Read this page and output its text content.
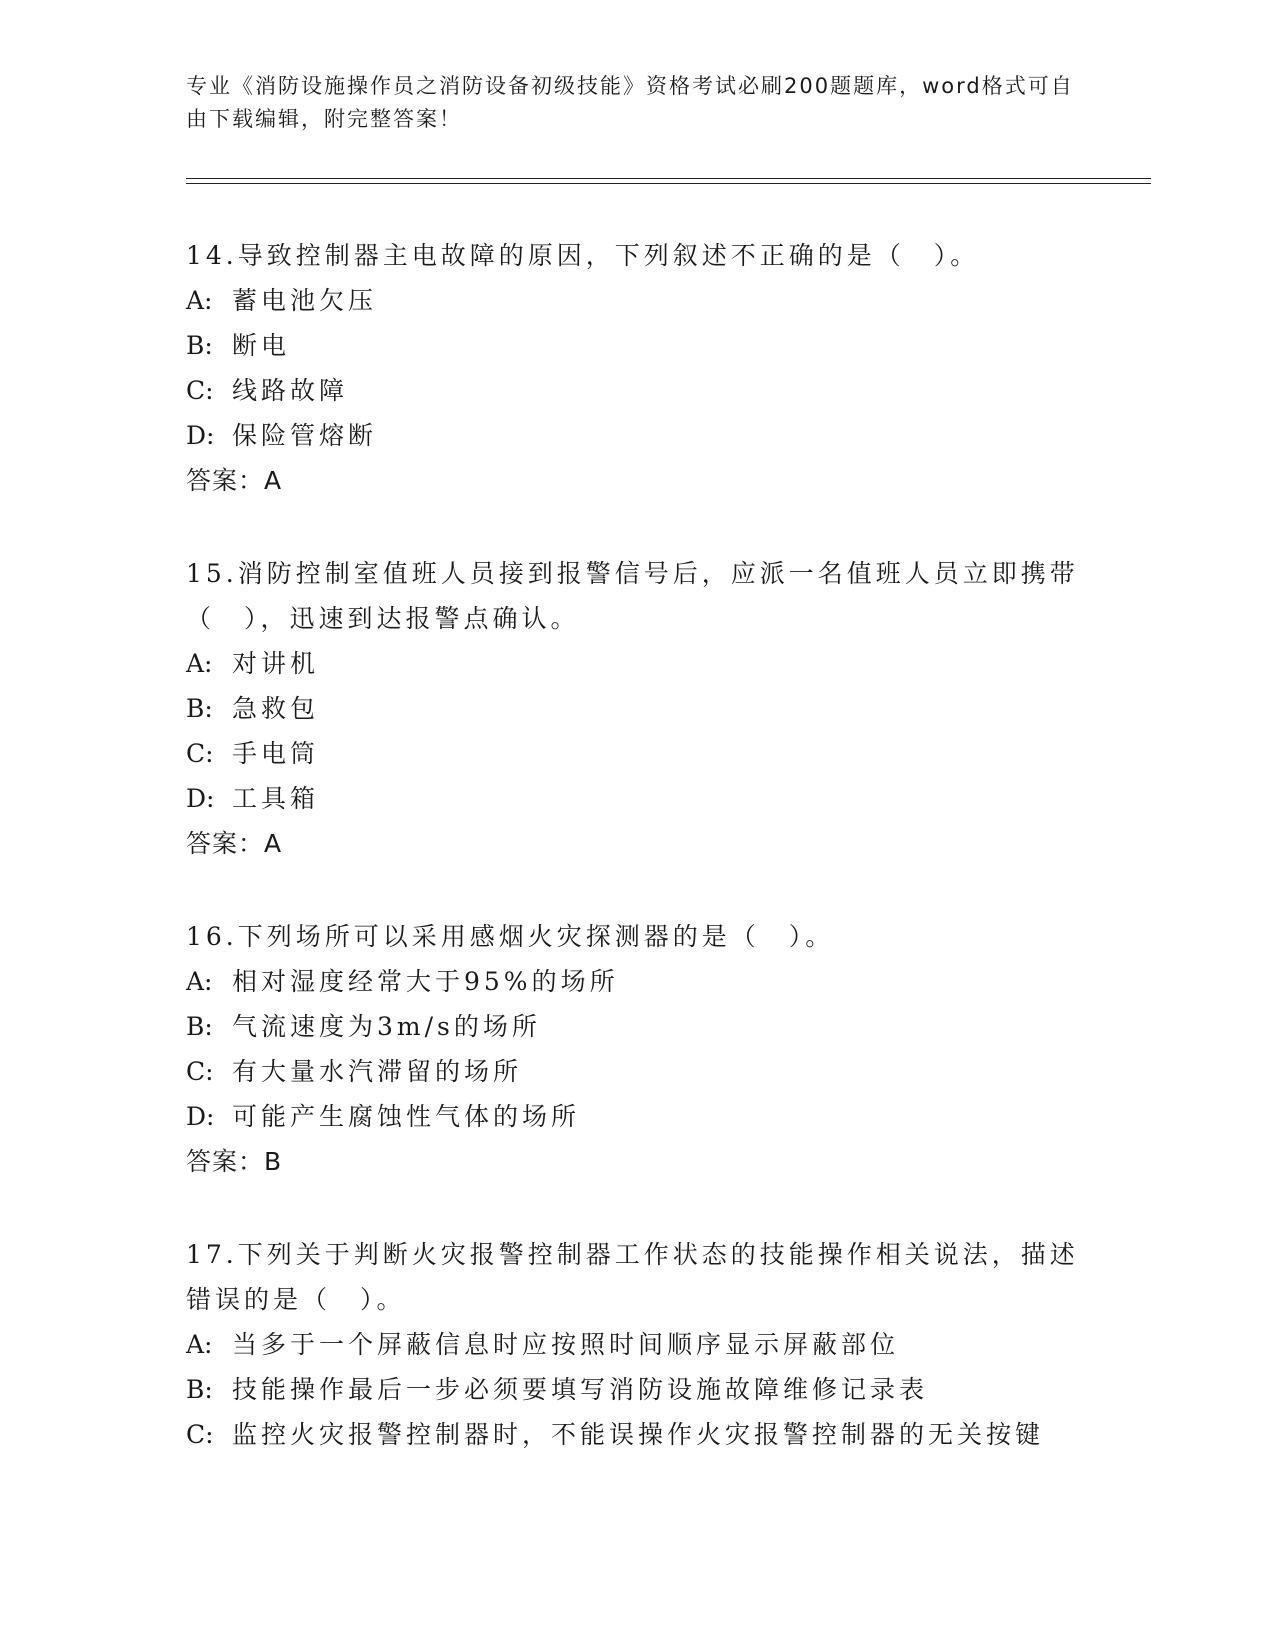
专业《消防设施操作员之消防设备初级技能》资格考试必刷200题题库，word格式可自由下载编辑，附完整答案！
14.导致控制器主电故障的原因，下列叙述不正确的是（　）。
A: 蓄电池欠压
B: 断电
C: 线路故障
D: 保险管熔断
答案：A
15.消防控制室值班人员接到报警信号后，应派一名值班人员立即携带（　），迅速到达报警点确认。
A: 对讲机
B: 急救包
C: 手电筒
D: 工具箱
答案：A
16.下列场所可以采用感烟火灾探测器的是（　）。
A: 相对湿度经常大于95%的场所
B: 气流速度为3m/s的场所
C: 有大量水汽滞留的场所
D: 可能产生腐蚀性气体的场所
答案：B
17.下列关于判断火灾报警控制器工作状态的技能操作相关说法，描述错误的是（　）。
A: 当多于一个屏蔽信息时应按照时间顺序显示屏蔽部位
B: 技能操作最后一步必须要填写消防设施故障维修记录表
C: 监控火灾报警控制器时，不能误操作火灾报警控制器的无关按键
